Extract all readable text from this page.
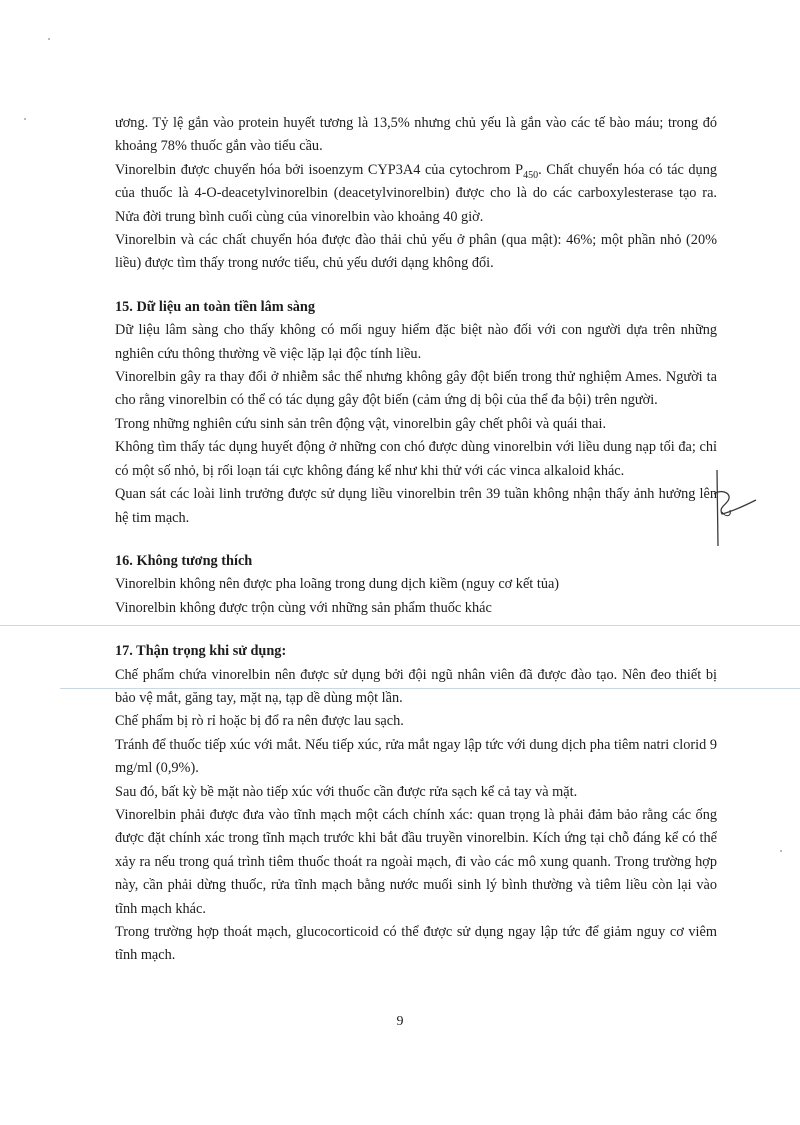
ương. Tỷ lệ gắn vào protein huyết tương là 13,5% nhưng chủ yếu là gắn vào các tế bào máu; trong đó khoảng 78% thuốc gắn vào tiểu cầu.

Vinorelbin được chuyển hóa bởi isoenzym CYP3A4 của cytochrom $P_{450}$. Chất chuyển hóa có tác dụng của thuốc là 4-O-deacetylvinorelbin (deacetylvinorelbin) được cho là do các carboxylesterase tạo ra. Nửa đời trung bình cuối cùng của vinorelbin vào khoảng 40 giờ.

Vinorelbin và các chất chuyển hóa được đào thải chủ yếu ở phân (qua mật): 46%; một phần nhỏ (20% liều) được tìm thấy trong nước tiểu, chủ yếu dưới dạng không đổi.

15. Dữ liệu an toàn tiền lâm sàng

Dữ liệu lâm sàng cho thấy không có mối nguy hiểm đặc biệt nào đối với con người dựa trên những nghiên cứu thông thường về việc lặp lại độc tính liều.

Vinorelbin gây ra thay đổi ở nhiễm sắc thể nhưng không gây đột biến trong thử nghiệm Ames. Người ta cho rằng vinorelbin có thể có tác dụng gây đột biến (cảm ứng dị bội của thể đa bội) trên người.

Trong những nghiên cứu sinh sản trên động vật, vinorelbin gây chết phôi và quái thai.

Không tìm thấy tác dụng huyết động ở những con chó được dùng vinorelbin với liều dung nạp tối đa; chỉ có một số nhỏ, bị rối loạn tái cực không đáng kể như khi thử với các vinca alkaloid khác.

Quan sát các loài linh trưởng được sử dụng liều vinorelbin trên 39 tuần không nhận thấy ảnh hưởng lên hệ tim mạch.

16. Không tương thích

Vinorelbin không nên được pha loãng trong dung dịch kiềm (nguy cơ kết tủa)

Vinorelbin không được trộn cùng với những sản phẩm thuốc khác

17. Thận trọng khi sử dụng:

Chế phẩm chứa vinorelbin nên được sử dụng bởi đội ngũ nhân viên đã được đào tạo. Nên đeo thiết bị bảo vệ mắt, găng tay, mặt nạ, tạp dề dùng một lần.

Chế phẩm bị rò rỉ hoặc bị đổ ra nên được lau sạch.

Tránh để thuốc tiếp xúc với mắt. Nếu tiếp xúc, rửa mắt ngay lập tức với dung dịch pha tiêm natri clorid 9 mg/ml (0,9%).

Sau đó, bất kỳ bề mặt nào tiếp xúc với thuốc cần được rửa sạch kể cả tay và mặt.

Vinorelbin phải được đưa vào tĩnh mạch một cách chính xác: quan trọng là phải đảm bảo rằng các ống được đặt chính xác trong tĩnh mạch trước khi bắt đầu truyền vinorelbin. Kích ứng tại chỗ đáng kể có thể xảy ra nếu trong quá trình tiêm thuốc thoát ra ngoài mạch, đi vào các mô xung quanh. Trong trường hợp này, cần phải dừng thuốc, rửa tĩnh mạch bằng nước muối sinh lý bình thường và tiêm liều còn lại vào tĩnh mạch khác.

Trong trường hợp thoát mạch, glucocorticoid có thể được sử dụng ngay lập tức để giảm nguy cơ viêm tĩnh mạch.

9
